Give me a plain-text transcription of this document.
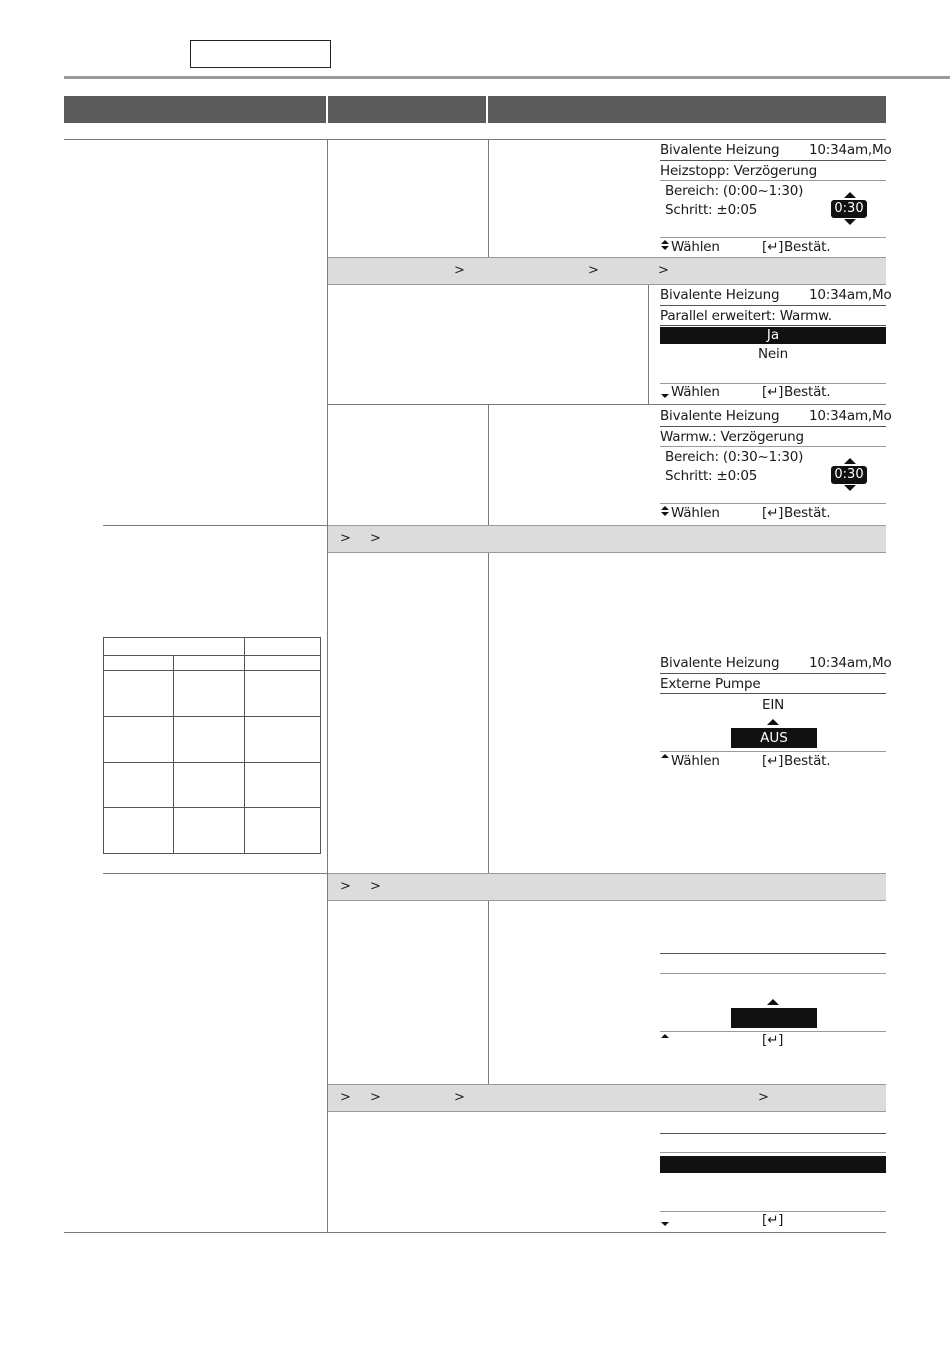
>	>	>
> >
> >
> >	>	>
Bivalente Heizung 10:34am,Mo
Heizstopp: Verzögerung
Bereich: (0:00~1:30)
Schritt: ±0:05	0:30
Wählen	[↵] Bestät.
Bivalente Heizung 10:34am,Mo
Parallel erweitert: Warmw.
Ja
Nein
Wählen	[↵] Bestät.
Bivalente Heizung 10:34am,Mo
Warmw.: Verzögerung
Bereich: (0:30~1:30)
Schritt: ±0:05	0:30
Wählen	[↵] Bestät.
Bivalente Heizung 10:34am,Mo
Externe Pumpe
EIN
AUS
Wählen	[↵] Bestät.
[↵]
[↵]
